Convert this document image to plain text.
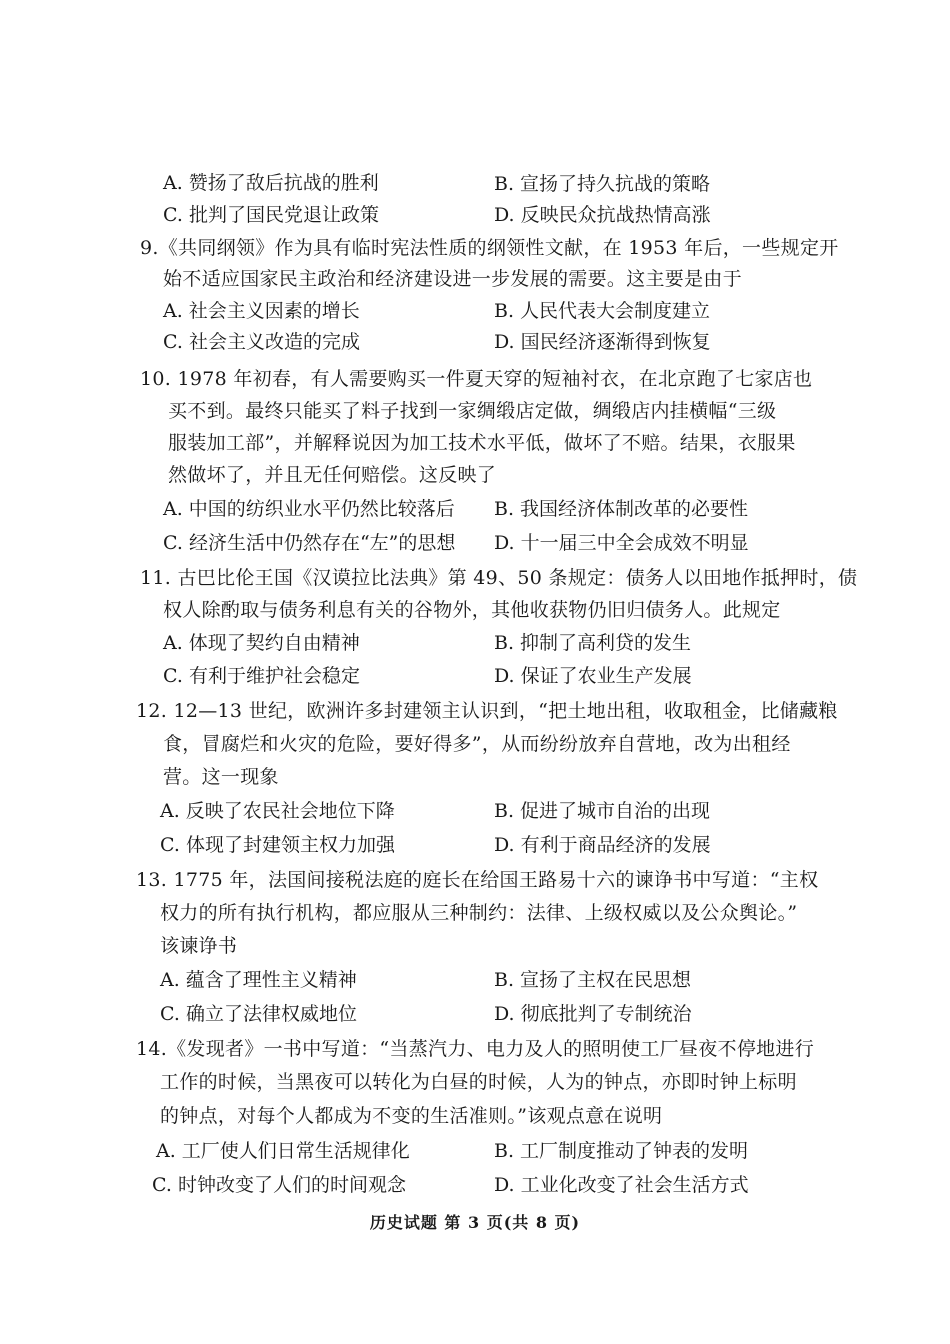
A. 赞扬了敌后抗战的胜利	B. 宣扬了持久抗战的策略
C. 批判了国民党退让政策	D. 反映民众抗战热情高涨
9.《共同纲领》作为具有临时宪法性质的纲领性文献，在 1953 年后，一些规定开
始不适应国家民主政治和经济建设进一步发展的需要。这主要是由于
A. 社会主义因素的增长	B. 人民代表大会制度建立
C. 社会主义改造的完成	D. 国民经济逐渐得到恢复
10. 1978 年初春，有人需要购买一件夏天穿的短袖衬衣，在北京跑了七家店也
买不到。最终只能买了料子找到一家绸缎店定做，绸缎店内挂横幅“三级
服装加工部”，并解释说因为加工技术水平低，做坏了不赔。结果，衣服果
然做坏了，并且无任何赔偿。这反映了
A. 中国的纺织业水平仍然比较落后 B. 我国经济体制改革的必要性
C. 经济生活中仍然存在“左”的思想 D. 十一届三中全会成效不明显
11. 古巴比伦王国《汉谟拉比法典》第 49、50 条规定：债务人以田地作抵押时，债
权人除酌取与债务利息有关的谷物外，其他收获物仍旧归债务人。此规定
A. 体现了契约自由精神	B. 抑制了高利贷的发生
C. 有利于维护社会稳定	D. 保证了农业生产发展
12. 12—13 世纪，欧洲许多封建领主认识到，“把土地出租，收取租金，比储藏粮
食，冒腐烂和火灾的危险，要好得多”，从而纷纷放弃自营地，改为出租经
营。这一现象
A. 反映了农民社会地位下降	B. 促进了城市自治的出现
C. 体现了封建领主权力加强	D. 有利于商品经济的发展
13. 1775 年，法国间接税法庭的庭长在给国王路易十六的谏诤书中写道：“主权
权力的所有执行机构，都应服从三种制约：法律、上级权威以及公众舆论。”
该谏诤书
A. 蕴含了理性主义精神	B. 宣扬了主权在民思想
C. 确立了法律权威地位	D. 彻底批判了专制统治
14.《发现者》一书中写道：“当蒸汽力、电力及人的照明使工厂昼夜不停地进行
工作的时候，当黑夜可以转化为白昼的时候，人为的钟点，亦即时钟上标明
的钟点，对每个人都成为不变的生活准则。”该观点意在说明
A. 工厂使人们日常生活规律化	B. 工厂制度推动了钟表的发明
C. 时钟改变了人们的时间观念	D. 工业化改变了社会生活方式
历史试题 第 3 页(共 8 页)
